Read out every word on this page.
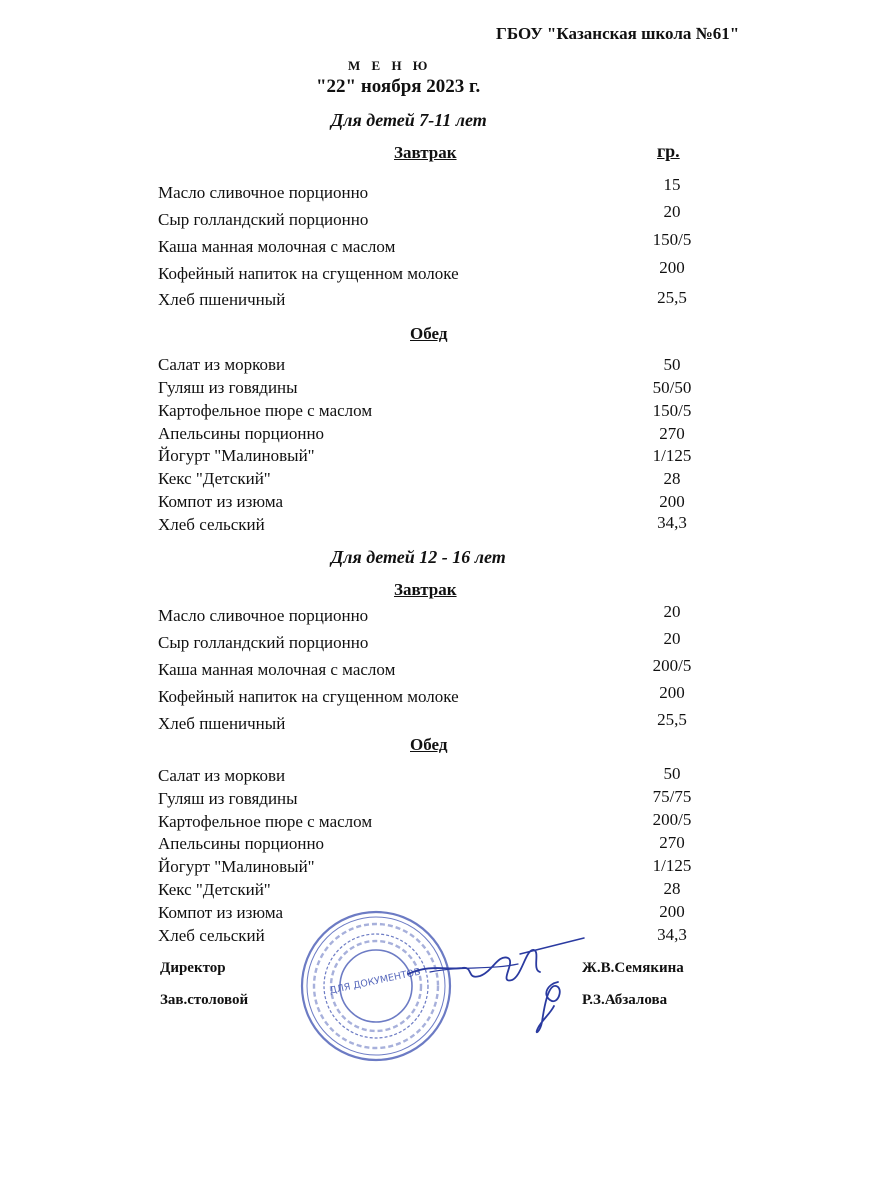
ГБОУ "Казанская школа №61"
М Е Н Ю
"22" ноября 2023 г.
Для детей 7-11 лет
Завтрак	гр.
Масло сливочное порционно	15
Сыр голландский порционно	20
Каша манная молочная с маслом	150/5
Кофейный напиток на сгущенном молоке	200
Хлеб пшеничный	25,5
Обед
Салат из моркови	50
Гуляш из говядины	50/50
Картофельное пюре с маслом	150/5
Апельсины порционно	270
Йогурт "Малиновый"	1/125
Кекс "Детский"	28
Компот из изюма	200
Хлеб сельский	34,3
Для детей 12 - 16 лет
Завтрак
Масло сливочное порционно	20
Сыр голландский порционно	20
Каша манная молочная с маслом	200/5
Кофейный напиток на сгущенном молоке	200
Хлеб пшеничный	25,5
Обед
Салат из моркови	50
Гуляш из говядины	75/75
Картофельное пюре с маслом	200/5
Апельсины порционно	270
Йогурт "Малиновый"	1/125
Кекс "Детский"	28
Компот из изюма	200
Хлеб сельский	34,3
Директор	Ж.В.Семякина
Зав.столовой	Р.З.Абзалова
ДЛЯ ДОКУМЕНТОВ
